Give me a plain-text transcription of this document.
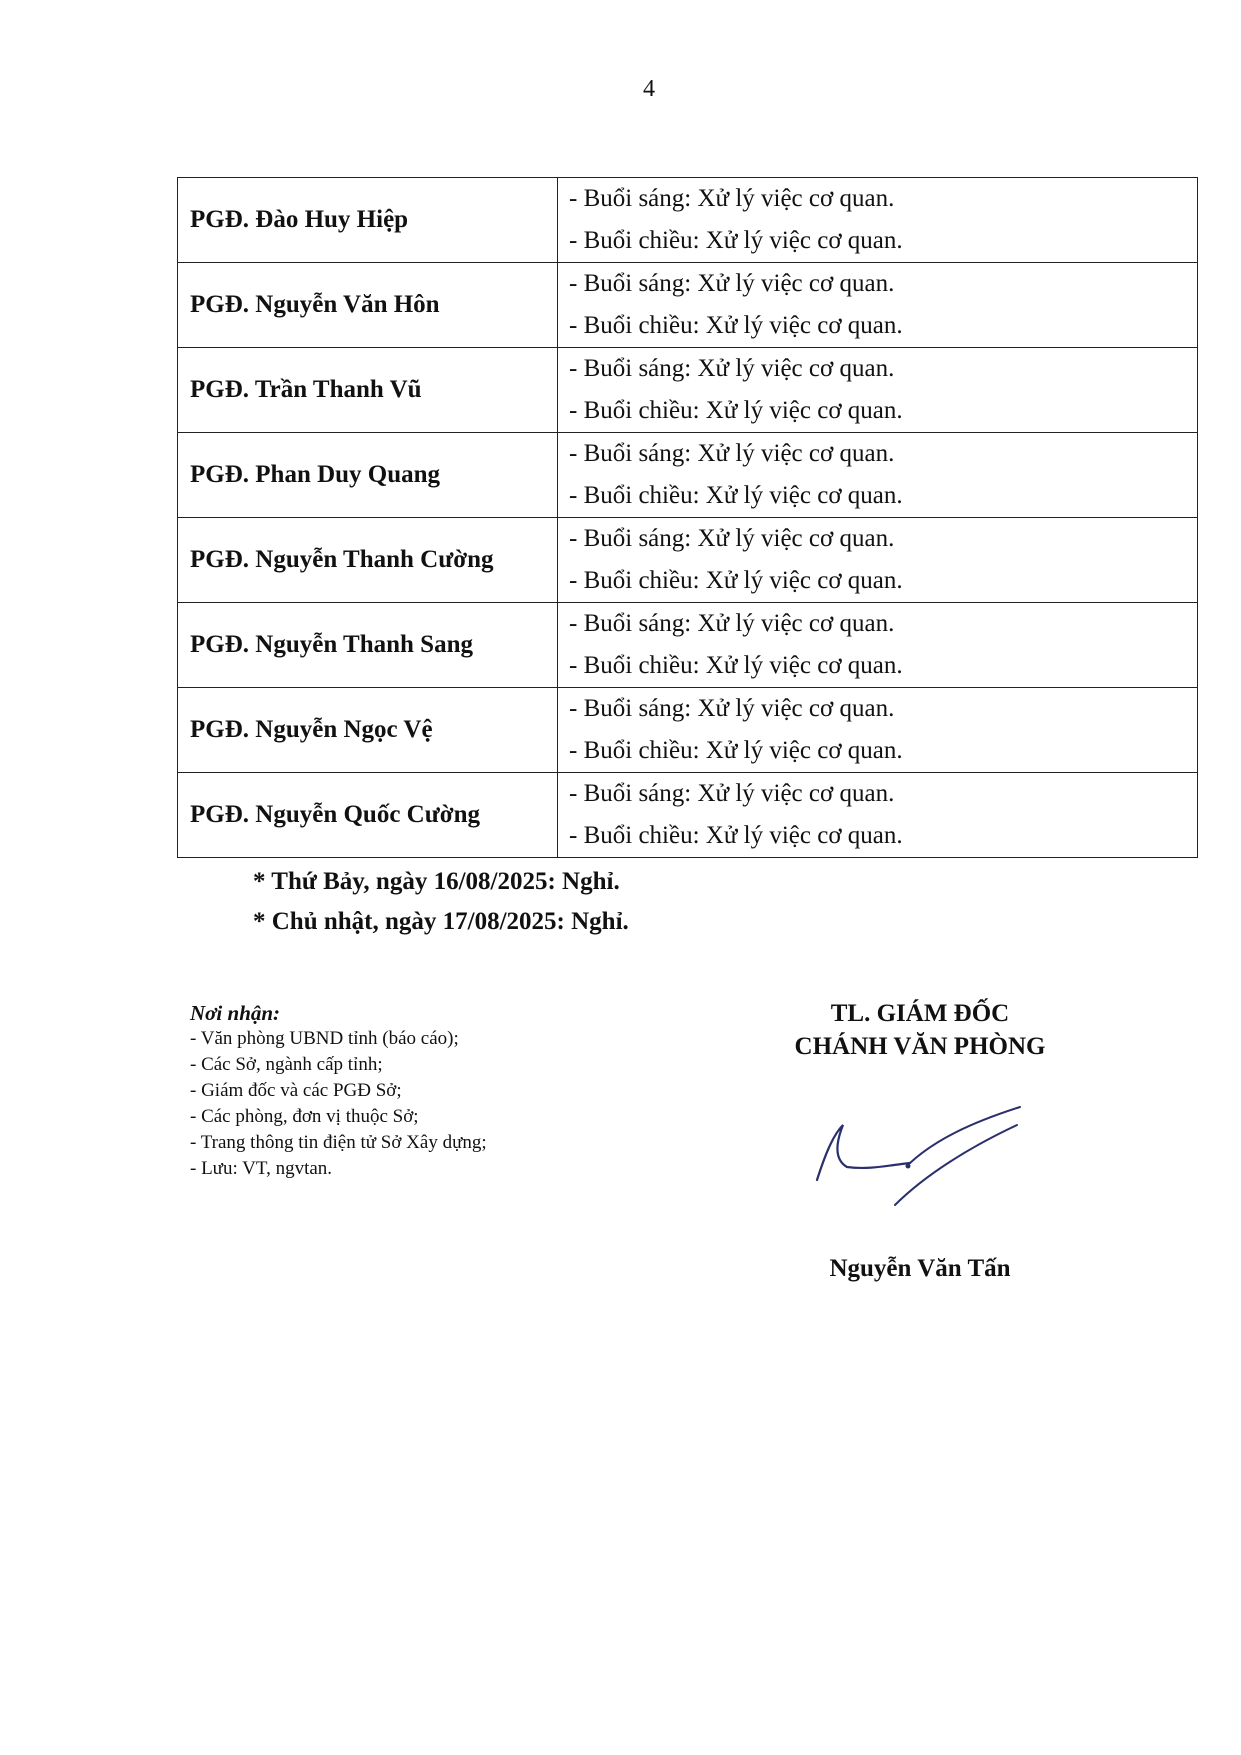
4
PGĐ. Đào Huy Hiệp	- Buổi sáng: Xử lý việc cơ quan.
- Buổi chiều: Xử lý việc cơ quan.

PGĐ. Nguyễn Văn Hôn	- Buổi sáng: Xử lý việc cơ quan.
- Buổi chiều: Xử lý việc cơ quan.

PGĐ. Trần Thanh Vũ	- Buổi sáng: Xử lý việc cơ quan.
- Buổi chiều: Xử lý việc cơ quan.

PGĐ. Phan Duy Quang	- Buổi sáng: Xử lý việc cơ quan.
- Buổi chiều: Xử lý việc cơ quan.

PGĐ. Nguyễn Thanh Cường	- Buổi sáng: Xử lý việc cơ quan.
- Buổi chiều: Xử lý việc cơ quan.

PGĐ. Nguyễn Thanh Sang	- Buổi sáng: Xử lý việc cơ quan.
- Buổi chiều: Xử lý việc cơ quan.

PGĐ. Nguyễn Ngọc Vệ	- Buổi sáng: Xử lý việc cơ quan.
- Buổi chiều: Xử lý việc cơ quan.

PGĐ. Nguyễn Quốc Cường	- Buổi sáng: Xử lý việc cơ quan.
- Buổi chiều: Xử lý việc cơ quan.
* Thứ Bảy, ngày 16/08/2025: Nghỉ.
* Chủ nhật, ngày 17/08/2025: Nghỉ.
Nơi nhận:
- Văn phòng UBND tỉnh (báo cáo);
- Các Sở, ngành cấp tỉnh;
- Giám đốc và các PGĐ Sở;
- Các phòng, đơn vị thuộc Sở;
- Trang thông tin điện tử Sở Xây dựng;
- Lưu: VT, ngvtan.
TL. GIÁM ĐỐC
CHÁNH VĂN PHÒNG
Nguyễn Văn Tấn
